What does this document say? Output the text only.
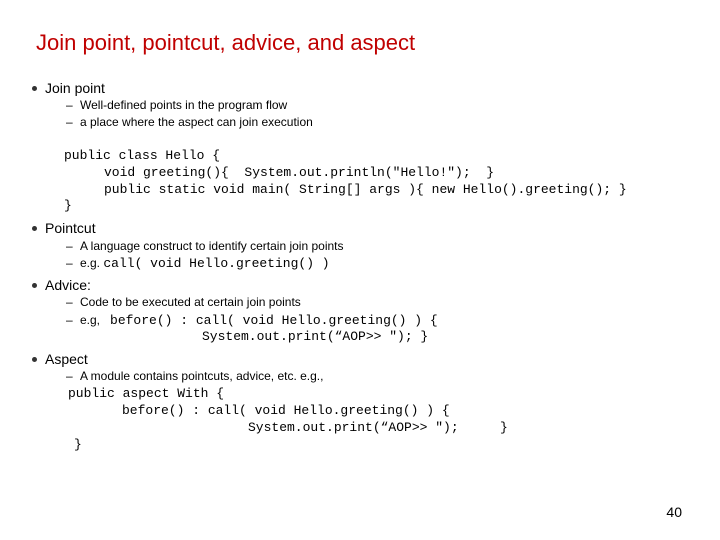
Join point, pointcut, advice, and aspect
Join point
– Well-defined points in the program flow
– a place where the aspect can join execution
public class Hello {
void greeting(){  System.out.println("Hello!");  }
public static void main( String[] args ){ new Hello().greeting(); }
}
Pointcut
– A language construct to identify certain join points
– e.g. call( void Hello.greeting() )
Advice:
– Code to be executed at certain join points
– e.g, before() : call( void Hello.greeting() ) {
System.out.print(“AOP>> "); }
Aspect
– A module contains pointcuts, advice, etc. e.g.,
public aspect With {
before() : call( void Hello.greeting() ) {
System.out.print(“AOP>> ");	}
}
40
